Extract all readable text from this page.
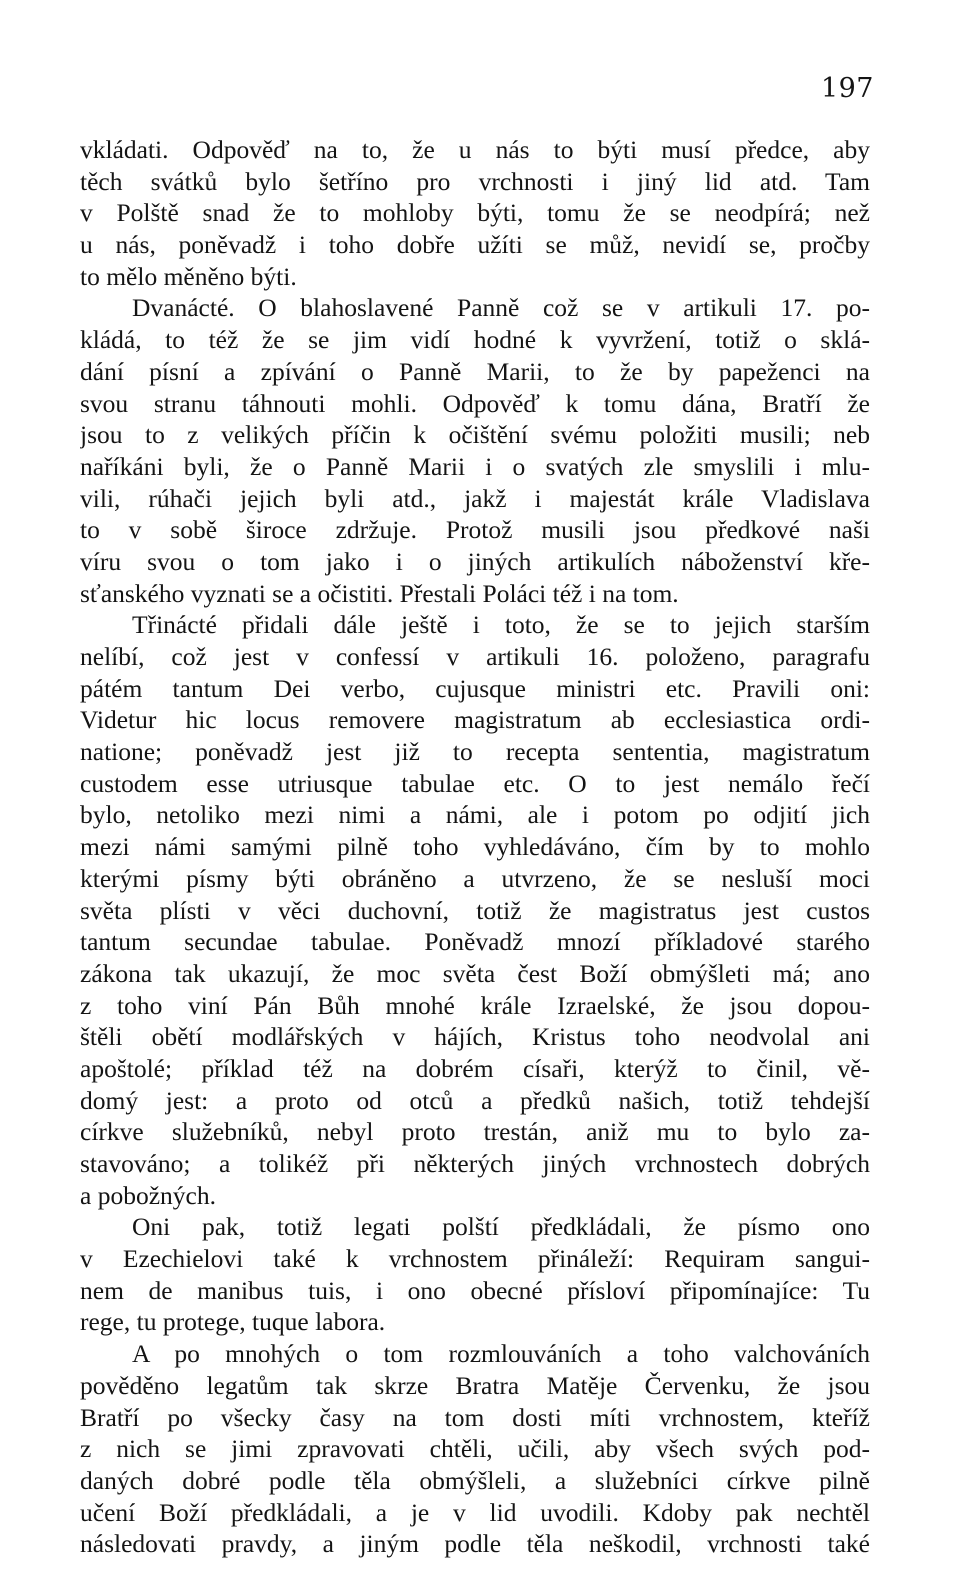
197
vkládati. Odpověď na to, že u nás to býti musí předce, aby
těch svátků bylo šetříno pro vrchnosti i jiný lid atd. Tam
v Polště snad že to mohloby býti, tomu že se neodpírá; než
u nás, poněvadž i toho dobře užíti se můž, nevidí se, pročby
to mělo měněno býti.
Dvanácté. O blahoslavené Panně což se v artikuli 17. po-
kládá, to též že se jim vidí hodné k vyvržení, totiž o sklá-
dání písní a zpívání o Panně Marii, to že by papeženci na
svou stranu táhnouti mohli. Odpověď k tomu dána, Bratří že
jsou to z velikých příčin k očištění svému položiti musili; neb
naříkáni byli, že o Panně Marii i o svatých zle smyslili i mlu-
vili, rúhači jejich byli atd., jakž i majestát krále Vladislava
to v sobě široce zdržuje. Protož musili jsou předkové naši
víru svou o tom jako i o jiných artikulích náboženství kře-
sťanského vyznati se a očistiti. Přestali Poláci též i na tom.
Třinácté přidali dále ještě i toto, že se to jejich starším
nelíbí, což jest v confessí v artikuli 16. položeno, paragrafu
pátém tantum Dei verbo, cujusque ministri etc. Pravili oni:
Videtur hic locus removere magistratum ab ecclesiastica ordi-
natione; poněvadž jest již to recepta sententia, magistratum
custodem esse utriusque tabulae etc. O to jest nemálo řečí
bylo, netoliko mezi nimi a námi, ale i potom po odjití jich
mezi námi samými pilně toho vyhledáváno, čím by to mohlo
kterými písmy býti obráněno a utvrzeno, že se nesluší moci
světa plísti v věci duchovní, totiž že magistratus jest custos
tantum secundae tabulae. Poněvadž mnozí příkladové starého
zákona tak ukazují, že moc světa čest Boží obmýšleti má; ano
z toho viní Pán Bůh mnohé krále Izraelské, že jsou dopou-
štěli obětí modlářských v hájích, Kristus toho neodvolal ani
apoštolé; příklad též na dobrém císaři, kterýž to činil, vě-
domý jest: a proto od otců a předků našich, totiž tehdejší
církve služebníků, nebyl proto trestán, aniž mu to bylo za-
stavováno; a tolikéž při některých jiných vrchnostech dobrých
a pobožných.
Oni pak, totiž legati polští předkládali, že písmo ono
v Ezechielovi také k vrchnostem přináleží: Requiram sangui-
nem de manibus tuis, i ono obecné přísloví připomínajíce: Tu
rege, tu protege, tuque labora.
A po mnohých o tom rozmlouváních a toho valchováních
pověděno legatům tak skrze Bratra Matěje Červenku, že jsou
Bratří po všecky časy na tom dosti míti vrchnostem, kteříž
z nich se jimi zpravovati chtěli, učili, aby všech svých pod-
daných dobré podle těla obmýšleli, a služebníci církve pilně
učení Boží předkládali, a je v lid uvodili. Kdoby pak nechtěl
následovati pravdy, a jiným podle těla neškodil, vrchnosti také
